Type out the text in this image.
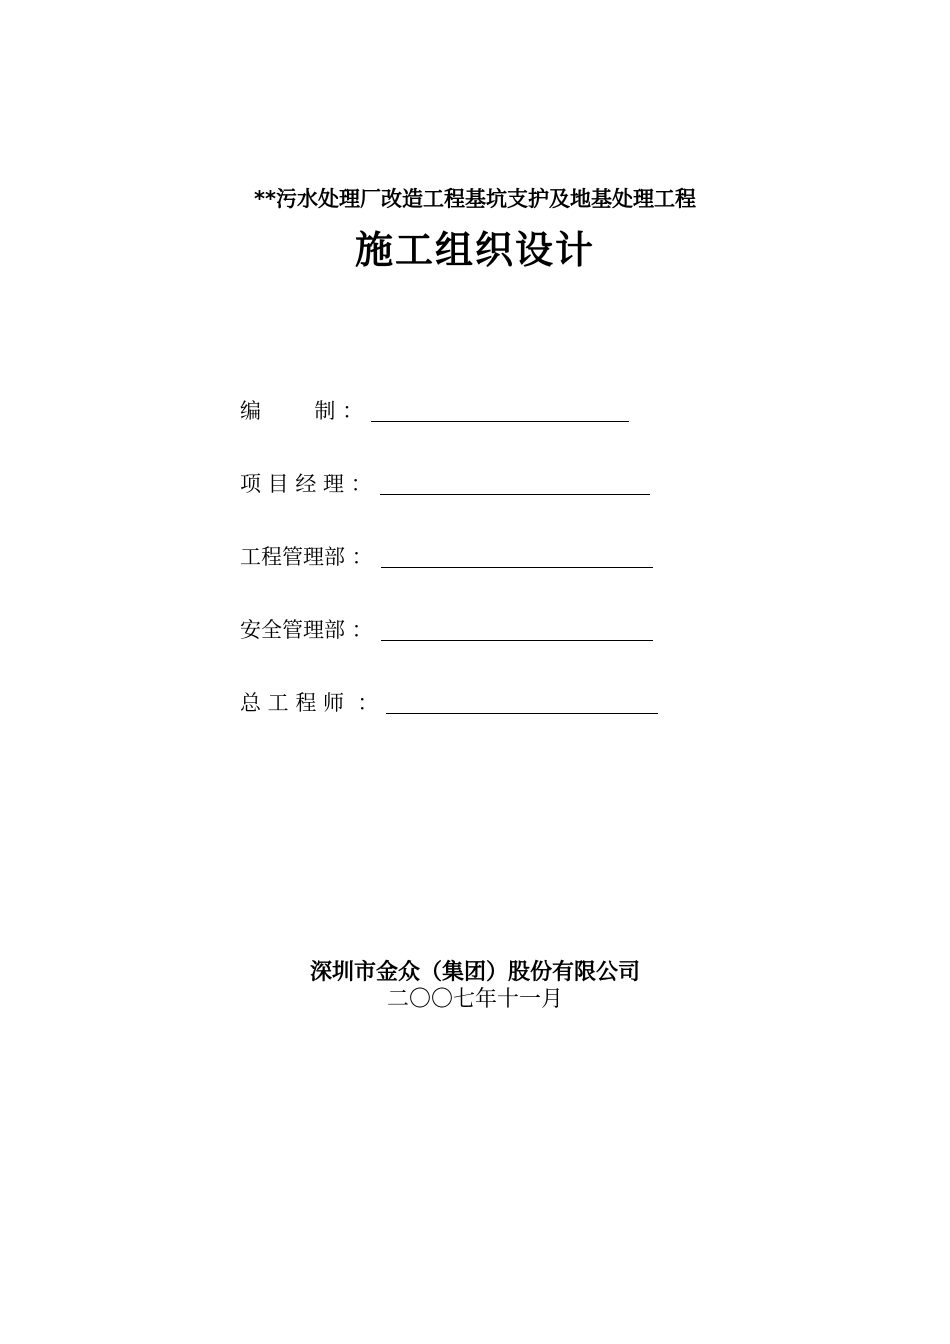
**污水处理厂改造工程基坑支护及地基处理工程
施工组织设计
编        制 ：
项 目 经 理 ：
工程管理部 ：
安全管理部 ：
总 工 程 师 ：
深圳市金众（集团）股份有限公司
二〇〇七年十一月
